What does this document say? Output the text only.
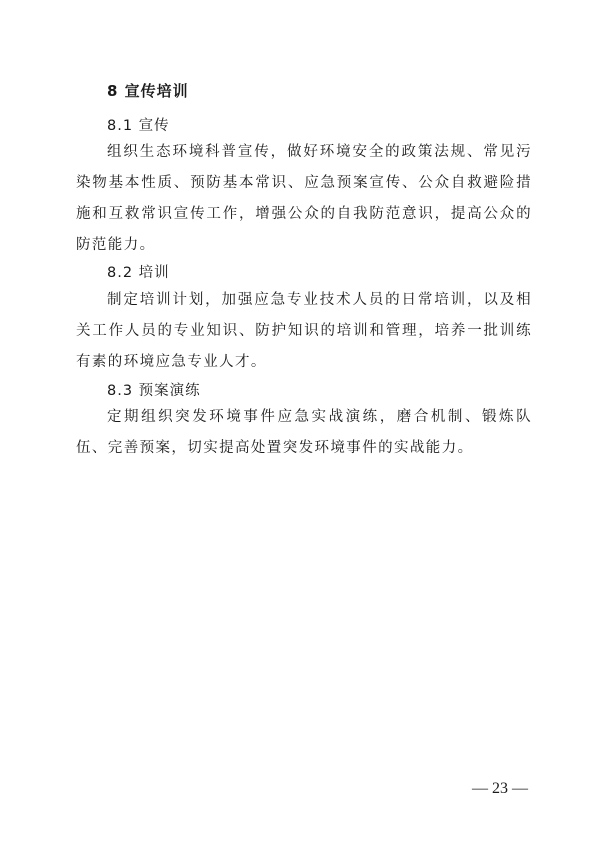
8 宣传培训
8.1 宣传

组织生态环境科普宣传，做好环境安全的政策法规、常见污染物基本性质、预防基本常识、应急预案宣传、公众自救避险措施和互救常识宣传工作，增强公众的自我防范意识，提高公众的防范能力。

8.2 培训

制定培训计划，加强应急专业技术人员的日常培训，以及相关工作人员的专业知识、防护知识的培训和管理，培养一批训练有素的环境应急专业人才。

8.3 预案演练

定期组织突发环境事件应急实战演练，磨合机制、锻炼队伍、完善预案，切实提高处置突发环境事件的实战能力。

— 23 —
